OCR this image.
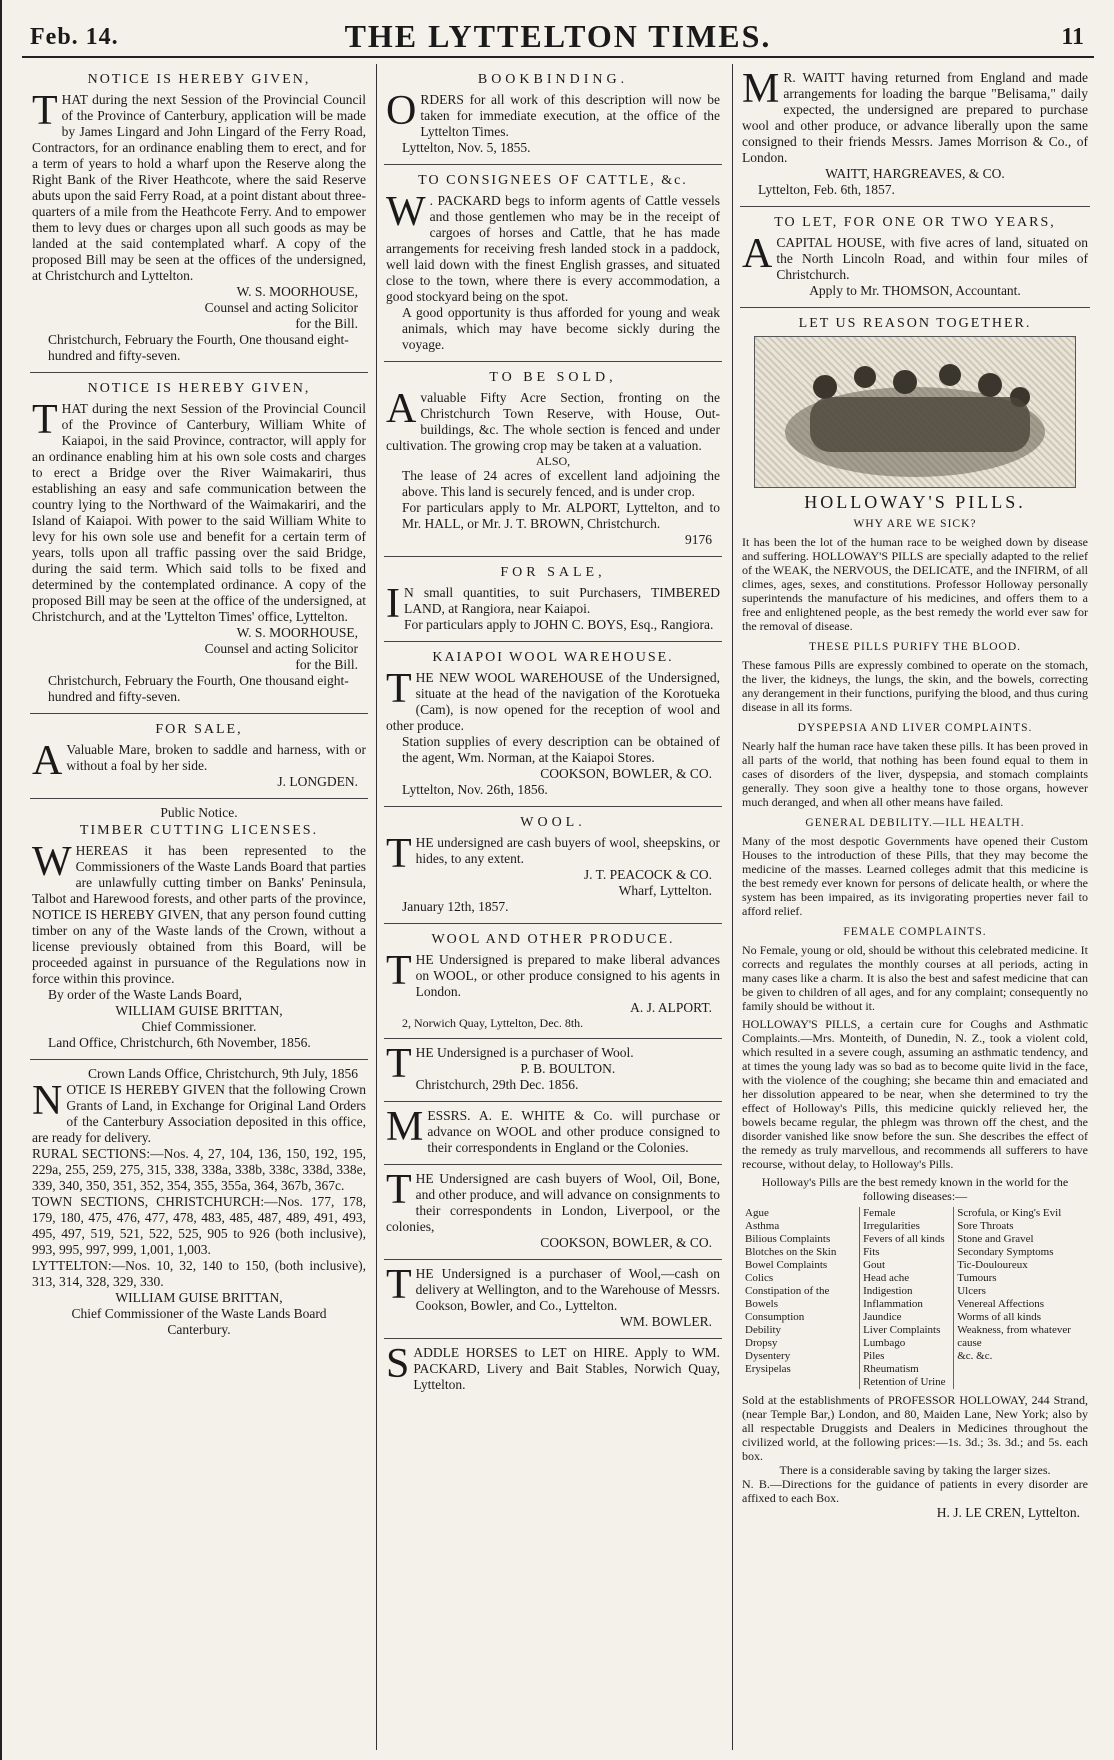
Feb. 14.	THE LYTTELTON TIMES.	11
NOTICE IS HEREBY GIVEN,
THAT during the next Session of the Provincial Council of the Province of Canterbury, application will be made by James Lingard and John Lingard of the Ferry Road, Contractors, for an ordinance enabling them to erect, and for a term of years to hold a wharf upon the Reserve along the Right Bank of the River Heathcote, where the said Reserve abuts upon the said Ferry Road, at a point distant about three-quarters of a mile from the Heathcote Ferry. And to empower them to levy dues or charges upon all such goods as may be landed at the said contemplated wharf. A copy of the proposed Bill may be seen at the offices of the undersigned, at Christchurch and Lyttelton.
W. S. MOORHOUSE,
Counsel and acting Solicitor
for the Bill.
Christchurch, February the Fourth, One thousand eight-hundred and fifty-seven.
NOTICE IS HEREBY GIVEN,
THAT during the next Session of the Provincial Council of the Province of Canterbury, William White of Kaiapoi, in the said Province, contractor, will apply for an ordinance enabling him at his own sole costs and charges to erect a Bridge over the River Waimakariri, thus establishing an easy and safe communication between the country lying to the Northward of the Waimakariri, and the Island of Kaiapoi. With power to the said William White to levy for his own sole use and benefit for a certain term of years, tolls upon all traffic passing over the said Bridge, during the said term. Which said tolls to be fixed and determined by the contemplated ordinance. A copy of the proposed Bill may be seen at the office of the undersigned, at Christchurch, and at the 'Lyttelton Times' office, Lyttelton.
W. S. MOORHOUSE,
Counsel and acting Solicitor
for the Bill.
Christchurch, February the Fourth, One thousand eight-hundred and fifty-seven.
FOR SALE,
A Valuable Mare, broken to saddle and harness, with or without a foal by her side.
J. LONGDEN.
Public Notice.
TIMBER CUTTING LICENSES.
WHEREAS it has been represented to the Commissioners of the Waste Lands Board that parties are unlawfully cutting timber on Banks' Peninsula, Talbot and Harewood forests, and other parts of the province, NOTICE IS HEREBY GIVEN, that any person found cutting timber on any of the Waste lands of the Crown, without a license previously obtained from this Board, will be proceeded against in pursuance of the Regulations now in force within this province.
By order of the Waste Lands Board,
WILLIAM GUISE BRITTAN,
Chief Commissioner.
Land Office, Christchurch, 6th November, 1856.
Crown Lands Office, Christchurch, 9th July, 1856
NOTICE IS HEREBY GIVEN that the following Crown Grants of Land, in Exchange for Original Land Orders of the Canterbury Association deposited in this office, are ready for delivery.
RURAL SECTIONS:—Nos. 4, 27, 104, 136, 150, 192, 195, 229a, 255, 259, 275, 315, 338, 338a, 338b, 338c, 338d, 338e, 339, 340, 350, 351, 352, 354, 355, 355a, 364, 367b, 367c.
TOWN SECTIONS, CHRISTCHURCH:—Nos. 177, 178, 179, 180, 475, 476, 477, 478, 483, 485, 487, 489, 491, 493, 495, 497, 519, 521, 522, 525, 905 to 926 (both inclusive), 993, 995, 997, 999, 1,001, 1,003.
LYTTELTON:—Nos. 10, 32, 140 to 150, (both inclusive), 313, 314, 328, 329, 330.
WILLIAM GUISE BRITTAN,
Chief Commissioner of the Waste Lands Board
Canterbury.
BOOKBINDING.
ORDERS for all work of this description will now be taken for immediate execution, at the office of the Lyttelton Times.
Lyttelton, Nov. 5, 1855.
TO CONSIGNEES OF CATTLE, &c.
W . PACKARD begs to inform agents of Cattle vessels and those gentlemen who may be in the receipt of cargoes of horses and Cattle, that he has made arrangements for receiving fresh landed stock in a paddock, well laid down with the finest English grasses, and situated close to the town, where there is every accommodation, a good stockyard being on the spot.
A good opportunity is thus afforded for young and weak animals, which may have become sickly during the voyage.
TO BE SOLD,
Avaluable Fifty Acre Section, fronting on the Christchurch Town Reserve, with House, Out-buildings, &c. The whole section is fenced and under cultivation. The growing crop may be taken at a valuation.
ALSO,
The lease of 24 acres of excellent land adjoining the above. This land is securely fenced, and is under crop.
For particulars apply to Mr. ALPORT, Lyttelton, and to Mr. HALL, or Mr. J. T. BROWN, Christchurch.
9176
FOR SALE,
I N small quantities, to suit Purchasers, TIMBERED LAND, at Rangiora, near Kaiapoi.
For particulars apply to JOHN C. BOYS, Esq., Rangiora.
KAIAPOI WOOL WAREHOUSE.
THE NEW WOOL WAREHOUSE of the Undersigned, situate at the head of the navigation of the Korotueka (Cam), is now opened for the reception of wool and other produce.
Station supplies of every description can be obtained of the agent, Wm. Norman, at the Kaiapoi Stores.
COOKSON, BOWLER, & CO.
Lyttelton, Nov. 26th, 1856.
WOOL.
THE undersigned are cash buyers of wool, sheepskins, or hides, to any extent.
J. T. PEACOCK & CO.
Wharf, Lyttelton.
January 12th, 1857.
WOOL AND OTHER PRODUCE.
THE Undersigned is prepared to make liberal advances on WOOL, or other produce consigned to his agents in London.
A. J. ALPORT.
2, Norwich Quay, Lyttelton, Dec. 8th.
THE Undersigned is a purchaser of Wool.
P. B. BOULTON.
Christchurch, 29th Dec. 1856.
MESSRS. A. E. WHITE & Co. will purchase or advance on WOOL and other produce consigned to their correspondents in England or the Colonies.
THE Undersigned are cash buyers of Wool, Oil, Bone, and other produce, and will advance on consignments to their correspondents in London, Liverpool, or the colonies,
COOKSON, BOWLER, & CO.
THE Undersigned is a purchaser of Wool,—cash on delivery at Wellington, and to the Warehouse of Messrs. Cookson, Bowler, and Co., Lyttelton.
WM. BOWLER.
SADDLE HORSES to LET on HIRE. Apply to WM. PACKARD, Livery and Bait Stables, Norwich Quay, Lyttelton.
M R. WAITT having returned from England and made arrangements for loading the barque "Belisama," daily expected, the undersigned are prepared to purchase wool and other produce, or advance liberally upon the same consigned to their friends Messrs. James Morrison & Co., of London.
WAITT, HARGREAVES, & CO.
Lyttelton, Feb. 6th, 1857.
TO LET, FOR ONE OR TWO YEARS,
ACAPITAL HOUSE, with five acres of land, situated on the North Lincoln Road, and within four miles of Christchurch.
Apply to Mr. THOMSON, Accountant.
LET US REASON TOGETHER.
HOLLOWAY'S PILLS.
WHY ARE WE SICK?
It has been the lot of the human race to be weighed down by disease and suffering. HOLLOWAY'S PILLS are specially adapted to the relief of the WEAK, the NERVOUS, the DELICATE, and the INFIRM, of all climes, ages, sexes, and constitutions. Professor Holloway personally superintends the manufacture of his medicines, and offers them to a free and enlightened people, as the best remedy the world ever saw for the removal of disease.
THESE PILLS PURIFY THE BLOOD.
These famous Pills are expressly combined to operate on the stomach, the liver, the kidneys, the lungs, the skin, and the bowels, correcting any derangement in their functions, purifying the blood, and thus curing disease in all its forms.
DYSPEPSIA AND LIVER COMPLAINTS.
Nearly half the human race have taken these pills. It has been proved in all parts of the world, that nothing has been found equal to them in cases of disorders of the liver, dyspepsia, and stomach complaints generally. They soon give a healthy tone to those organs, however much deranged, and when all other means have failed.
GENERAL DEBILITY.—ILL HEALTH.
Many of the most despotic Governments have opened their Custom Houses to the introduction of these Pills, that they may become the medicine of the masses. Learned colleges admit that this medicine is the best remedy ever known for persons of delicate health, or where the system has been impaired, as its invigorating properties never fail to afford relief.
FEMALE COMPLAINTS.
No Female, young or old, should be without this celebrated medicine. It corrects and regulates the monthly courses at all periods, acting in many cases like a charm. It is also the best and safest medicine that can be given to children of all ages, and for any complaint; consequently no family should be without it.
HOLLOWAY'S PILLS, a certain cure for Coughs and Asthmatic Complaints.—Mrs. Monteith, of Dunedin, N. Z., took a violent cold, which resulted in a severe cough, assuming an asthmatic tendency, and at times the young lady was so bad as to become quite livid in the face, with the violence of the coughing; she became thin and emaciated and her dissolution appeared to be near, when she determined to try the effect of Holloway's Pills, this medicine quickly relieved her, the bowels became regular, the phlegm was thrown off the chest, and the disorder vanished like snow before the sun. She describes the effect of the remedy as truly marvellous, and recommends all sufferers to have recourse, without delay, to Holloway's Pills.
Holloway's Pills are the best remedy known in the world for the following diseases:—
Ague
Asthma
Bilious Complaints
Blotches on the Skin
Bowel Complaints
Colics
Constipation of the Bowels
Consumption
Debility
Dropsy
Dysentery
Erysipelas

Female Irregularities
Fevers of all kinds
Fits
Gout
Head ache
Indigestion
Inflammation
Jaundice
Liver Complaints
Lumbago
Piles
Rheumatism
Retention of Urine

Scrofula, or King's Evil
Sore Throats
Stone and Gravel
Secondary Symptoms
Tic-Douloureux
Tumours
Ulcers
Venereal Affections
Worms of all kinds
Weakness, from whatever cause
&c. &c.
Sold at the establishments of PROFESSOR HOLLOWAY, 244 Strand, (near Temple Bar,) London, and 80, Maiden Lane, New York; also by all respectable Druggists and Dealers in Medicines throughout the civilized world, at the following prices:—1s. 3d.; 3s. 3d.; and 5s. each box.
There is a considerable saving by taking the larger sizes.
N. B.—Directions for the guidance of patients in every disorder are affixed to each Box.
H. J. LE CREN, Lyttelton.
